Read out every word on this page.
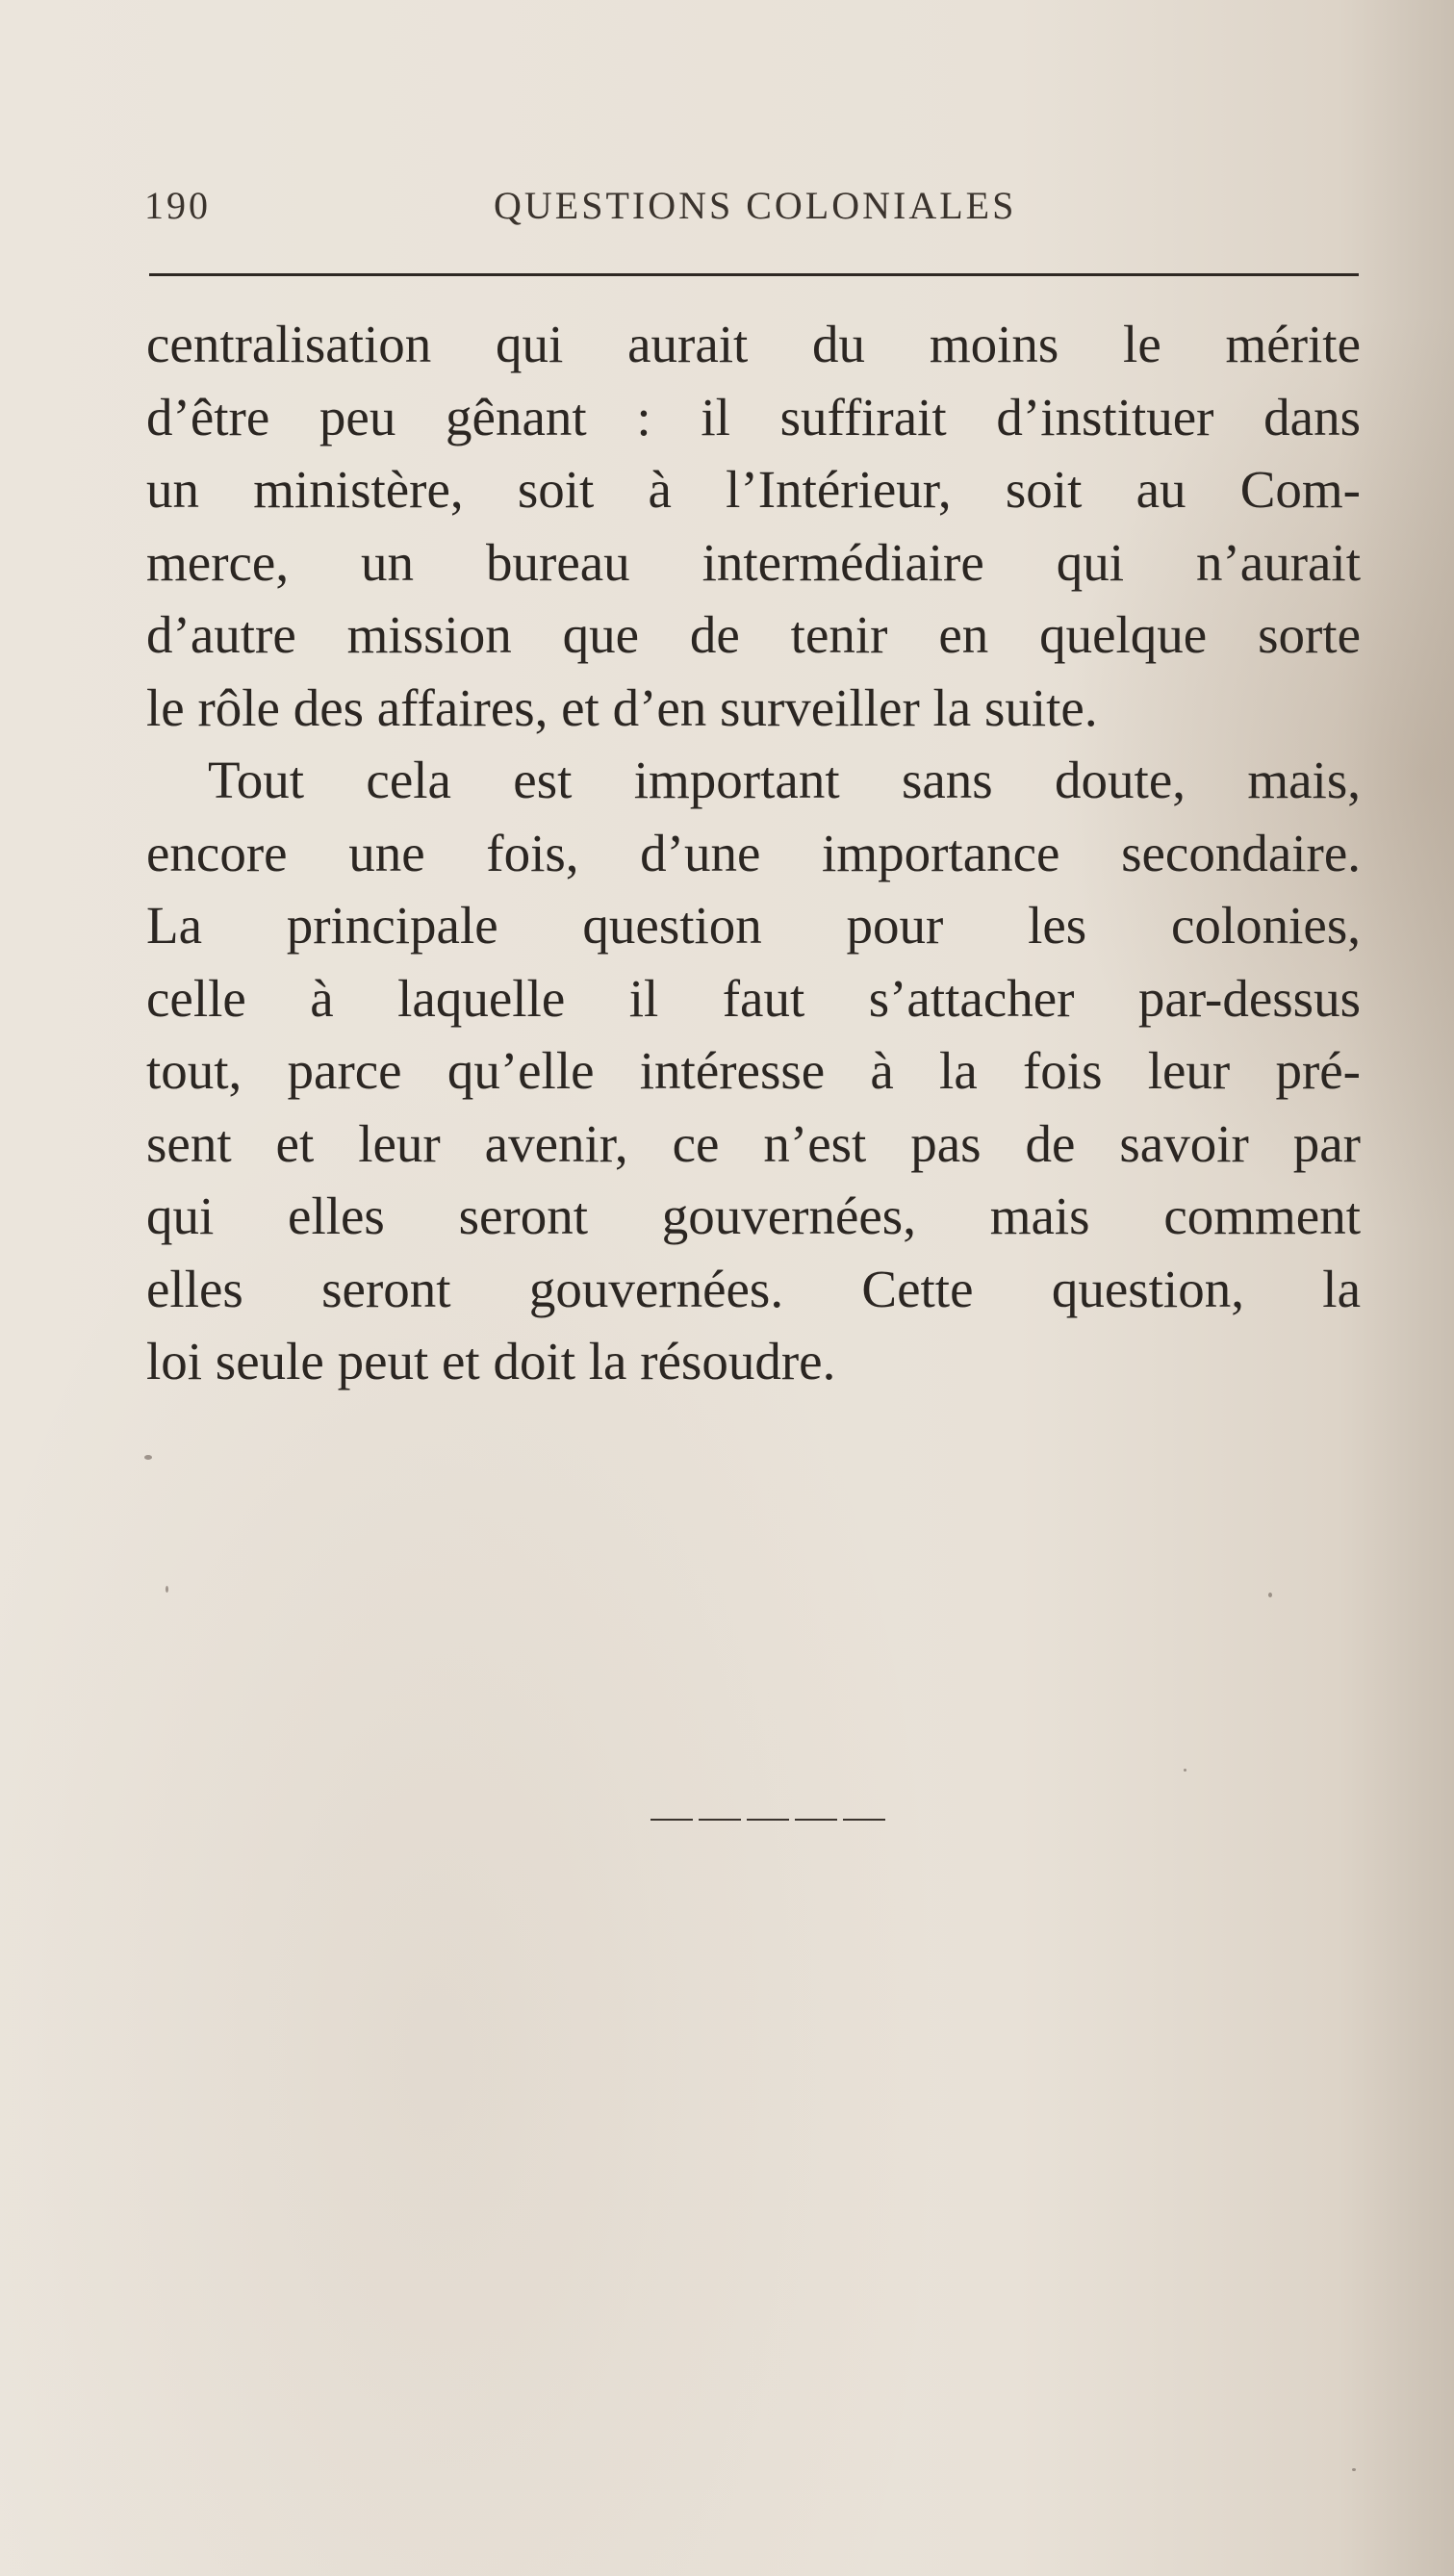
190	QUESTIONS COLONIALES
centralisation qui aurait du moins le mérite
d’être peu gênant : il suffirait d’instituer dans
un ministère, soit à l’Intérieur, soit au Com-
merce, un bureau intermédiaire qui n’aurait
d’autre mission que de tenir en quelque sorte
le rôle des affaires, et d’en surveiller la suite.
Tout cela est important sans doute, mais,
encore une fois, d’une importance secondaire.
La principale question pour les colonies,
celle à laquelle il faut s’attacher par-dessus
tout, parce qu’elle intéresse à la fois leur pré-
sent et leur avenir, ce n’est pas de savoir par
qui elles seront gouvernées, mais comment
elles seront gouvernées. Cette question, la
loi seule peut et doit la résoudre.
